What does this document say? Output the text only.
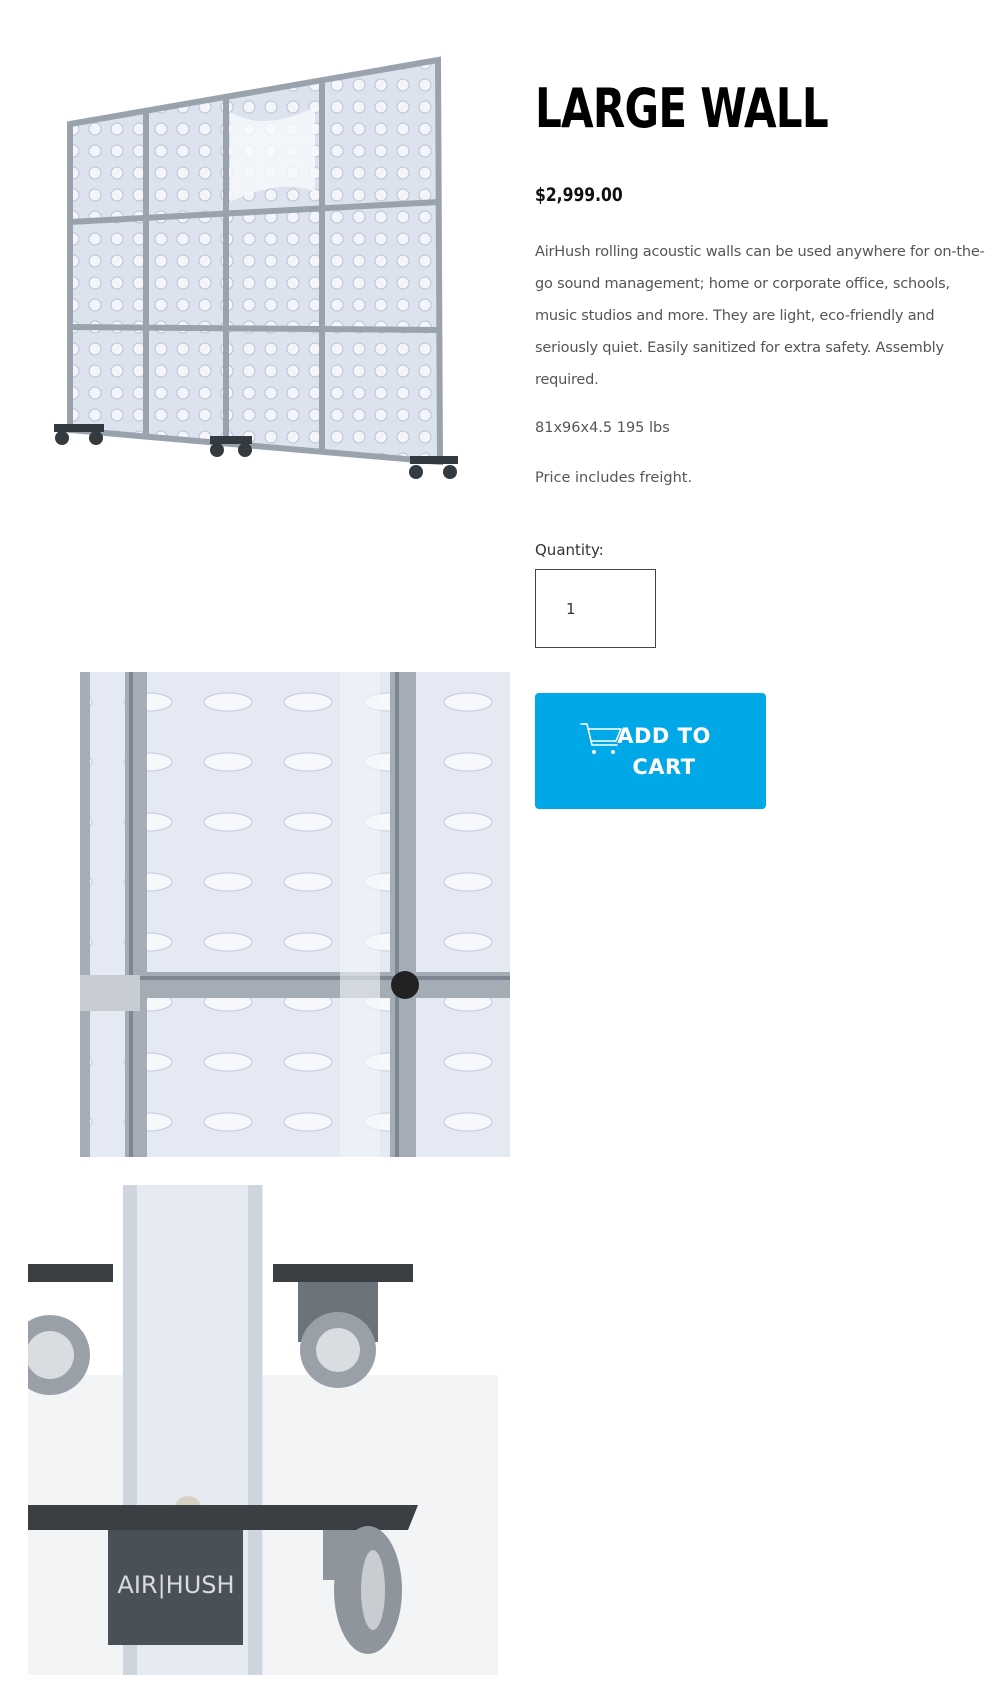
AIR|HUSH
LARGE WALL
$2,999.00

AirHush rolling acoustic walls can be used anywhere for on-the-go sound management; home or corporate office, schools, music studios and more. They are light, eco-friendly and seriously quiet. Easily sanitized for extra safety. Assembly required.

81x96x4.5 195 lbs
Price includes freight.
Quantity:
1
ADD TO CART
